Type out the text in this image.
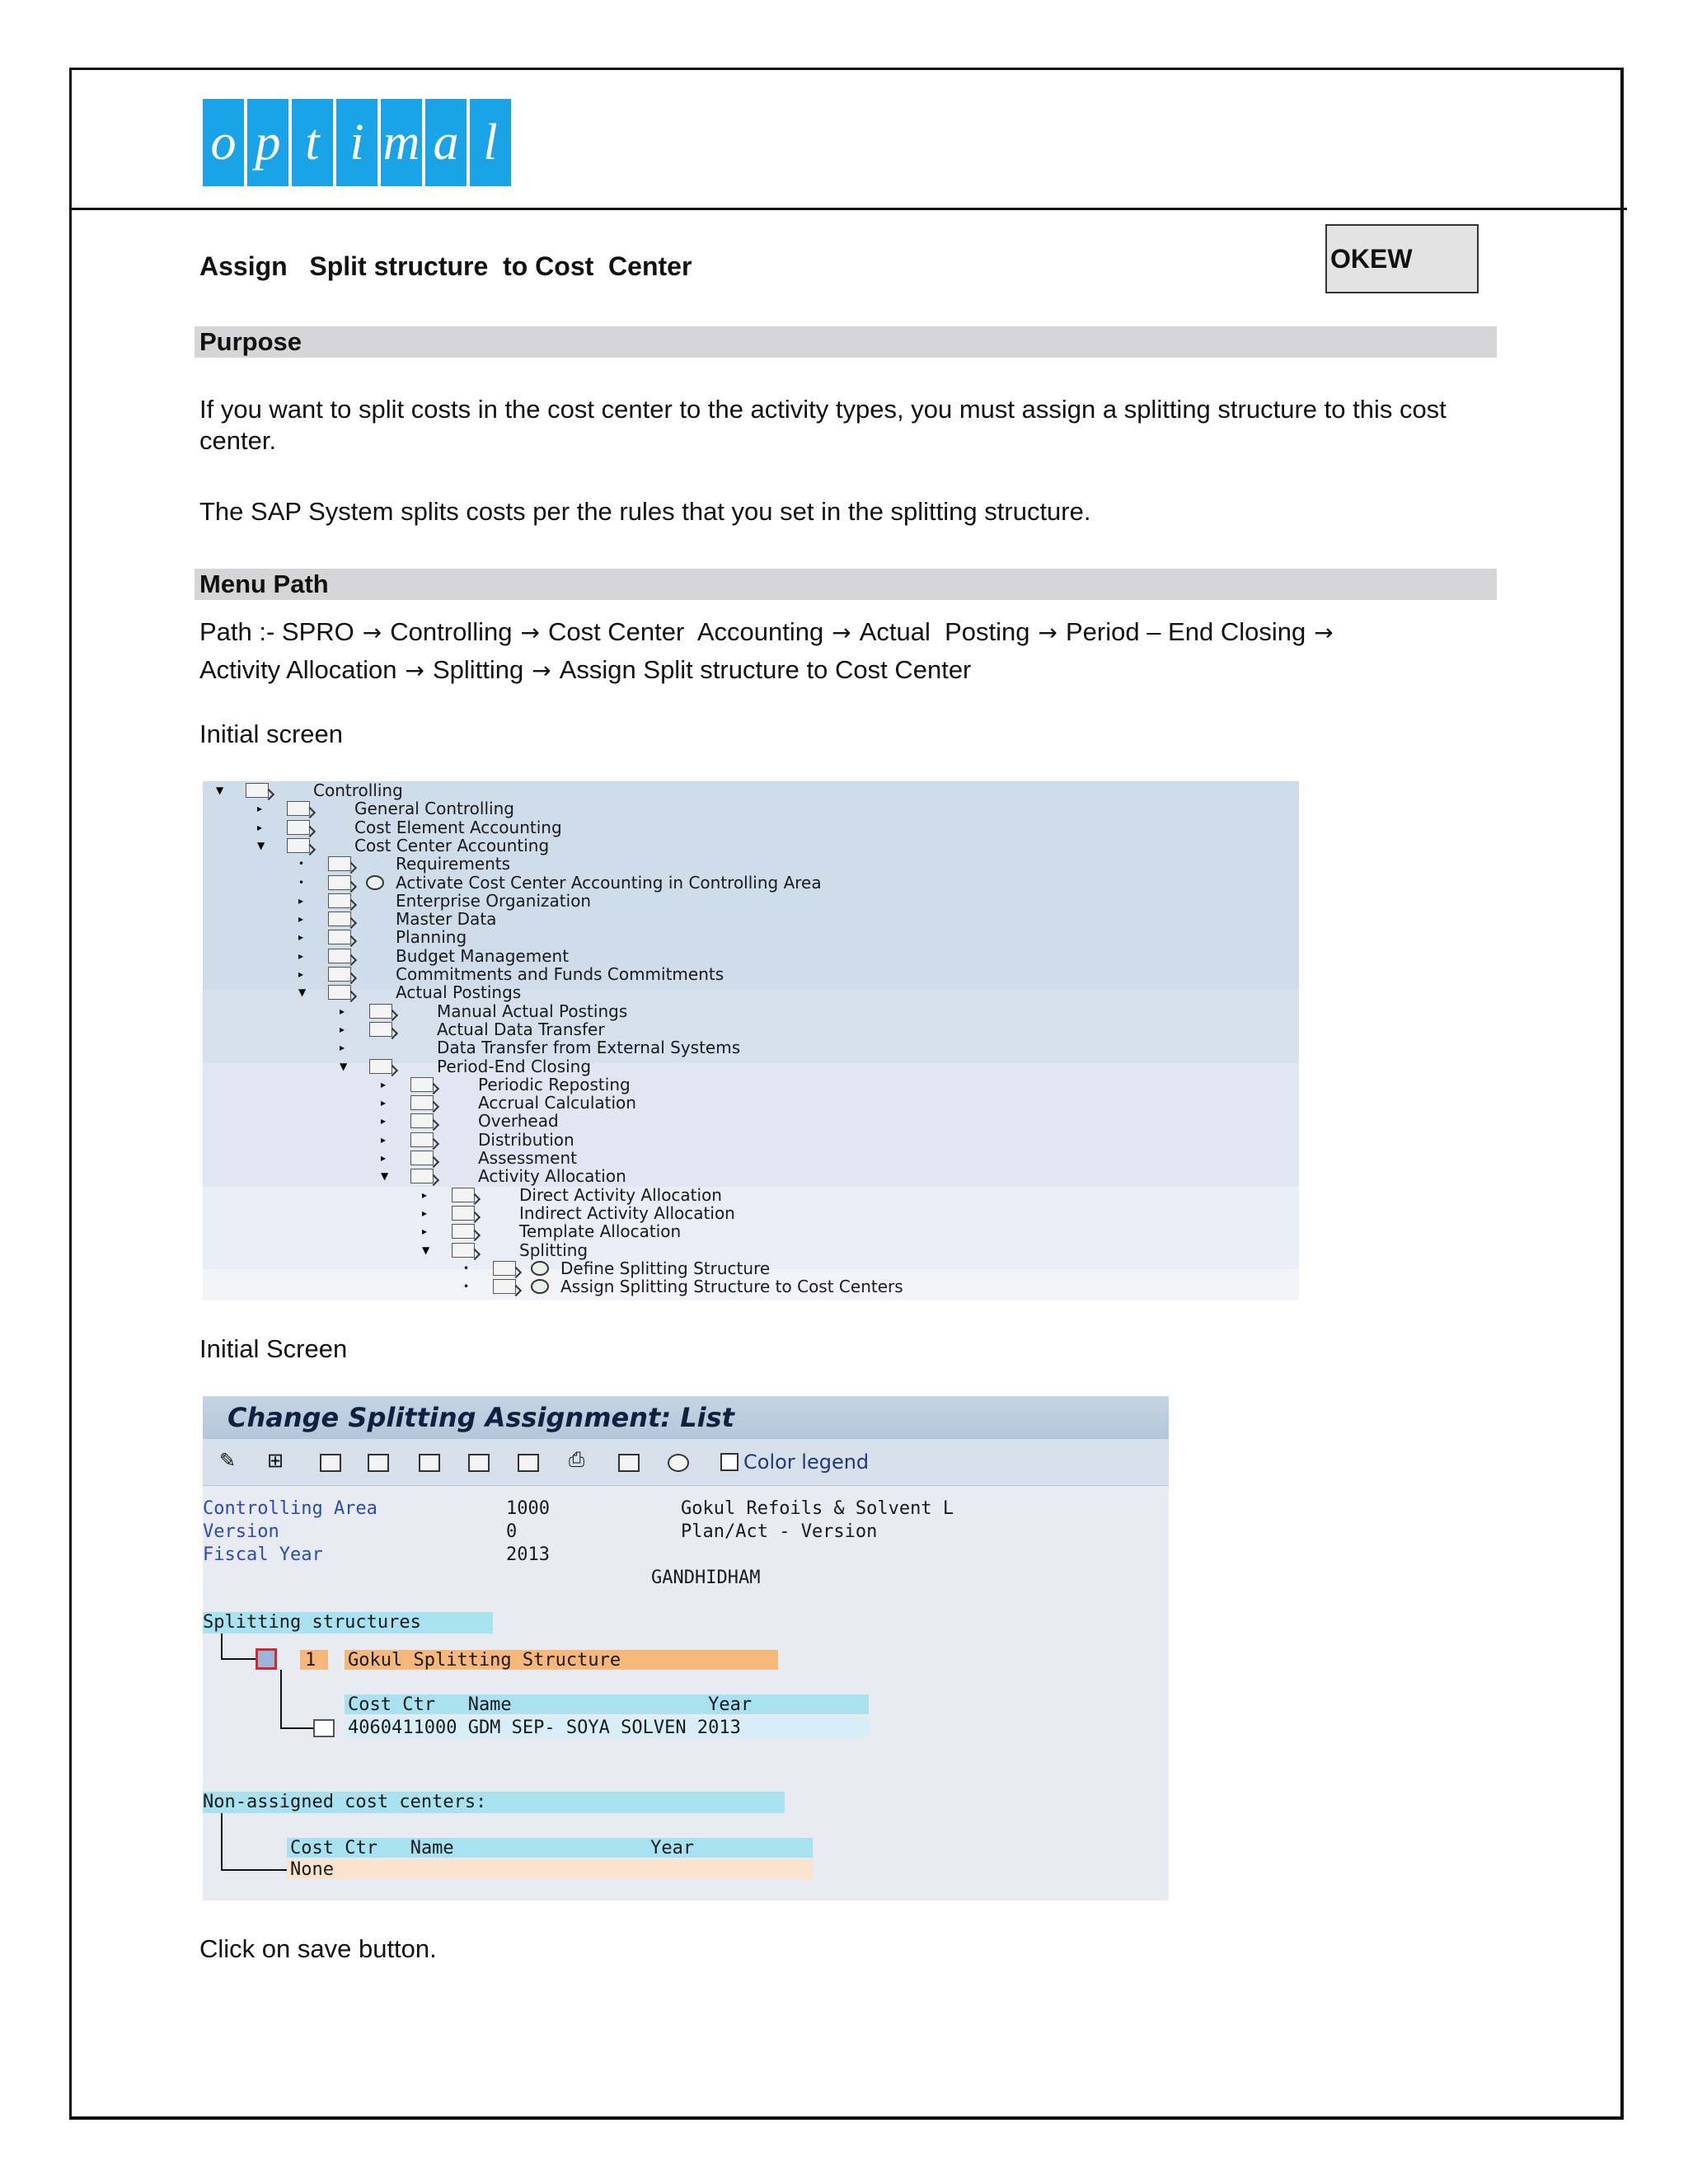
o p t i m a l
Assign   Split structure  to Cost  Center	OKEW
Purpose
If you want to split costs in the cost center to the activity types, you must assign a splitting structure to this cost center.
The SAP System splits costs per the rules that you set in the splitting structure.
Menu Path
Path :- SPRO → Controlling → Cost Center  Accounting → Actual  Posting → Period – End Closing →
Activity Allocation → Splitting → Assign Split structure to Cost Center
Initial screen
▼	Controlling
▸	General Controlling
▸	Cost Element Accounting
▼	Cost Center Accounting
•	Requirements
•	Activate Cost Center Accounting in Controlling Area
▸	Enterprise Organization
▸	Master Data
▸	Planning
▸	Budget Management
▸	Commitments and Funds Commitments
▼	Actual Postings
▸	Manual Actual Postings
▸	Actual Data Transfer
▸	Data Transfer from External Systems
▼	Period-End Closing
▸	Periodic Reposting
▸	Accrual Calculation
▸	Overhead
▸	Distribution
▸	Assessment
▼	Activity Allocation
▸	Direct Activity Allocation
▸	Indirect Activity Allocation
▸	Template Allocation
▼	Splitting
•	Define Splitting Structure
•	Assign Splitting Structure to Cost Centers
Initial Screen
Change Splitting Assignment: List
✎ ⊞	⎙	Color legend
Controlling Area	1000	Gokul Refoils & Solvent L
Version	0	Plan/Act - Version
Fiscal Year	2013
GANDHIDHAM
Splitting structures
1 Gokul Splitting Structure
Cost Ctr   Name                  Year
4060411000 GDM SEP- SOYA SOLVEN 2013
Non-assigned cost centers:
Cost Ctr   Name                  Year
None
Click on save button.
